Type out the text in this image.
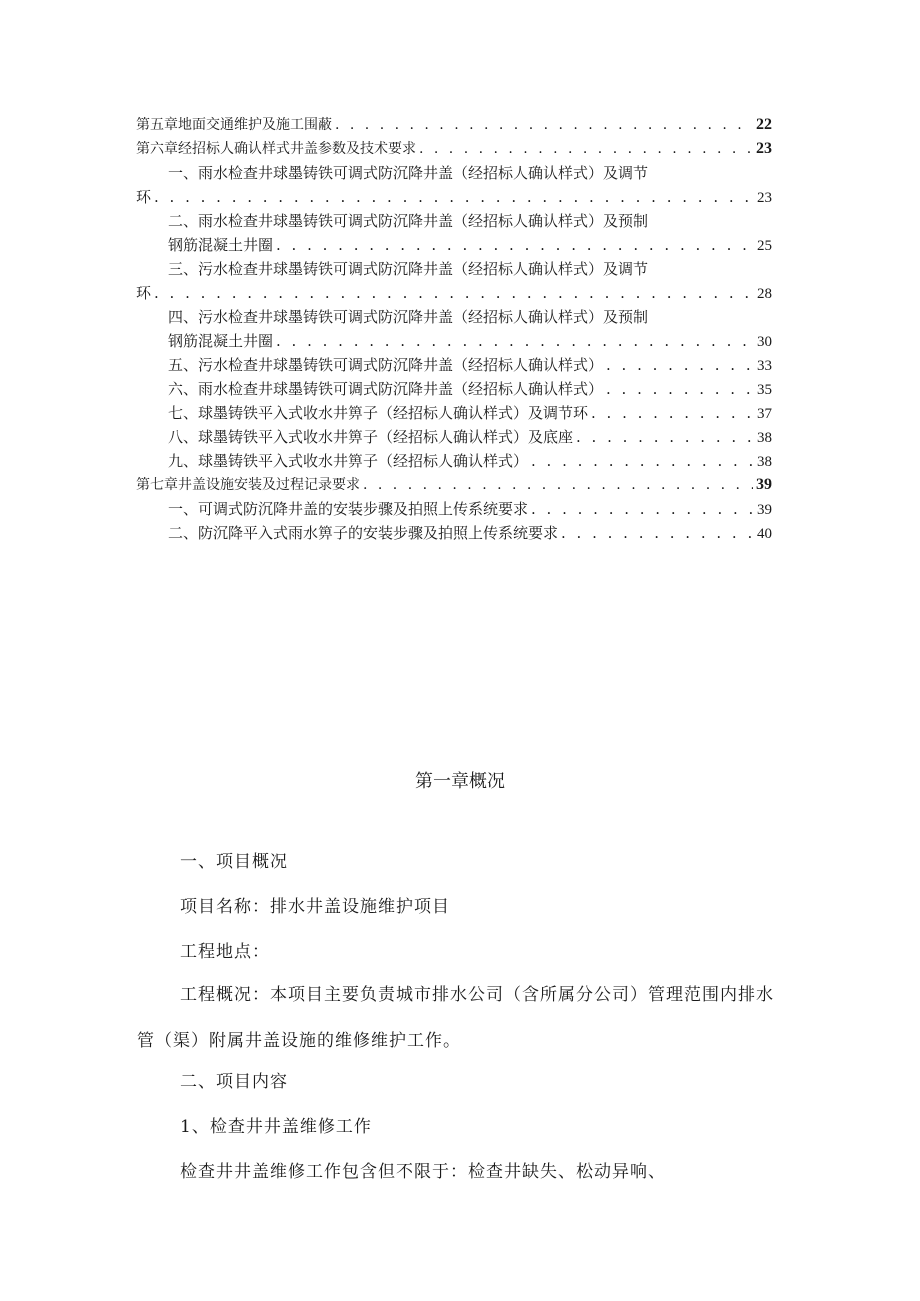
第五章地面交通维护及施工围蔽 . . .	22
第六章经招标人确认样式井盖参数及技术要求 . . .	23
一、雨水检查井球墨铸铁可调式防沉降井盖（经招标人确认样式）及调节
环 . . .	23
二、雨水检查井球墨铸铁可调式防沉降井盖（经招标人确认样式）及预制
钢筋混凝土井圈 . . .	25
三、污水检查井球墨铸铁可调式防沉降井盖（经招标人确认样式）及调节
环 . . .	28
四、污水检查井球墨铸铁可调式防沉降井盖（经招标人确认样式）及预制
钢筋混凝土井圈 . . .	30
五、污水检查井球墨铸铁可调式防沉降井盖（经招标人确认样式） . . .	33
六、雨水检查井球墨铸铁可调式防沉降井盖（经招标人确认样式） . . .	35
七、球墨铸铁平入式收水井箅子（经招标人确认样式）及调节环 . . .	37
八、球墨铸铁平入式收水井箅子（经招标人确认样式）及底座 . . .	38
九、球墨铸铁平入式收水井箅子（经招标人确认样式） . . .	38
第七章井盖设施安装及过程记录要求 . . .	39
一、可调式防沉降井盖的安装步骤及拍照上传系统要求 . . .	39
二、防沉降平入式雨水箅子的安装步骤及拍照上传系统要求 . . .	40
第一章概况
一、项目概况
项目名称：排水井盖设施维护项目
工程地点：
工程概况：本项目主要负责城市排水公司（含所属分公司）管理范围内排水管（渠）附属井盖设施的维修维护工作。
二、项目内容
1、检查井井盖维修工作
检查井井盖维修工作包含但不限于：检查井缺失、松动异响、
